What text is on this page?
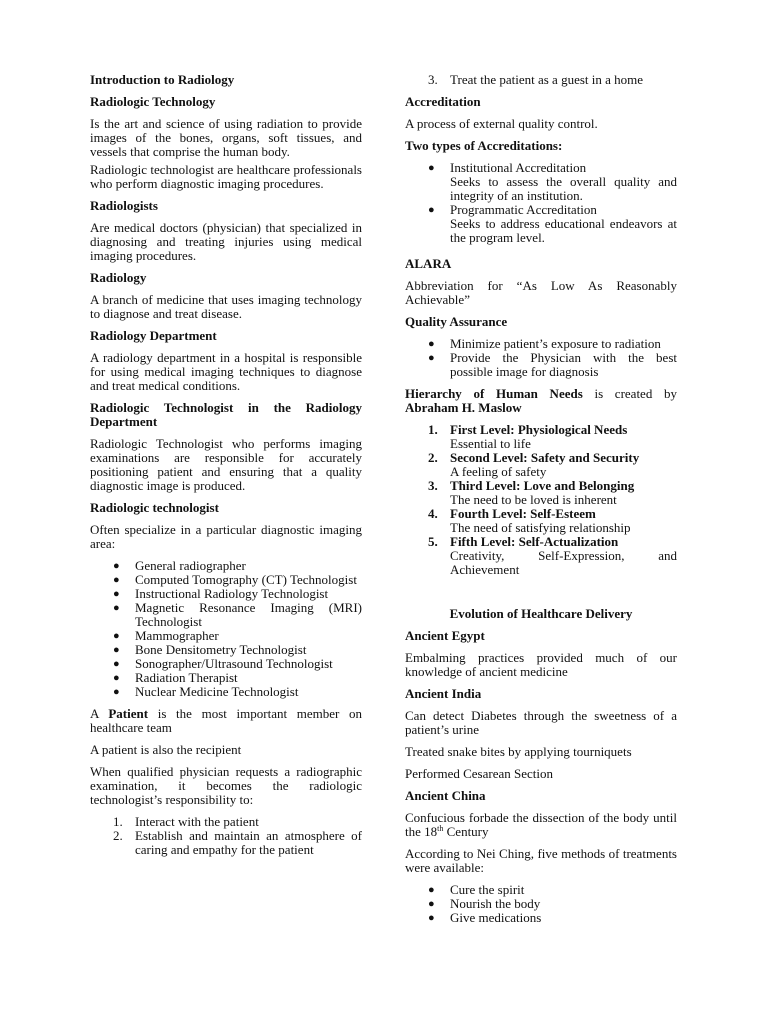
Introduction to Radiology
Radiologic Technology

Is the art and science of using radiation to provide images of the bones, organs, soft tissues, and vessels that comprise the human body.

Radiologic technologist are healthcare professionals who perform diagnostic imaging procedures.

Radiologists

Are medical doctors (physician) that specialized in diagnosing and treating injuries using medical imaging procedures.

Radiology

A branch of medicine that uses imaging technology to diagnose and treat disease.

Radiology Department

A radiology department in a hospital is responsible for using medical imaging techniques to diagnose and treat medical conditions.

Radiologic Technologist in the Radiology Department

Radiologic Technologist who performs imaging examinations are responsible for accurately positioning patient and ensuring that a quality diagnostic image is produced.

Radiologic technologist

Often specialize in a particular diagnostic imaging area:

● General radiographer
● Computed Tomography (CT) Technologist
● Instructional Radiology Technologist
● Magnetic Resonance Imaging (MRI) Technologist
● Mammographer
● Bone Densitometry Technologist
● Sonographer/Ultrasound Technologist
● Radiation Therapist
● Nuclear Medicine Technologist

A Patient is the most important member on healthcare team

A patient is also the recipient

When qualified physician requests a radiographic examination, it becomes the radiologic technologist’s responsibility to:

1. Interact with the patient
2. Establish and maintain an atmosphere of caring and empathy for the patient
3. Treat the patient as a guest in a home
Accreditation

A process of external quality control.

Two types of Accreditations:
● Institutional Accreditation
Seeks to assess the overall quality and integrity of an institution.
● Programmatic Accreditation
Seeks to address educational endeavors at the program level.
ALARA

Abbreviation for “As Low As Reasonably Achievable”

Quality Assurance
● Minimize patient’s exposure to radiation
● Provide the Physician with the best possible image for diagnosis

Hierarchy of Human Needs is created by Abraham H. Maslow

1. First Level: Physiological Needs
Essential to life
2. Second Level: Safety and Security
A feeling of safety
3. Third Level: Love and Belonging
The need to be loved is inherent
4. Fourth Level: Self-Esteem
The need of satisfying relationship
5. Fifth Level: Self-Actualization
Creativity, Self-Expression, and Achievement
Evolution of Healthcare Delivery
Ancient Egypt

Embalming practices provided much of our knowledge of ancient medicine

Ancient India

Can detect Diabetes through the sweetness of a patient’s urine

Treated snake bites by applying tourniquets

Performed Cesarean Section

Ancient China

Confucious forbade the dissection of the body until the 18th Century

According to Nei Ching, five methods of treatments were available:

● Cure the spirit
● Nourish the body
● Give medications
